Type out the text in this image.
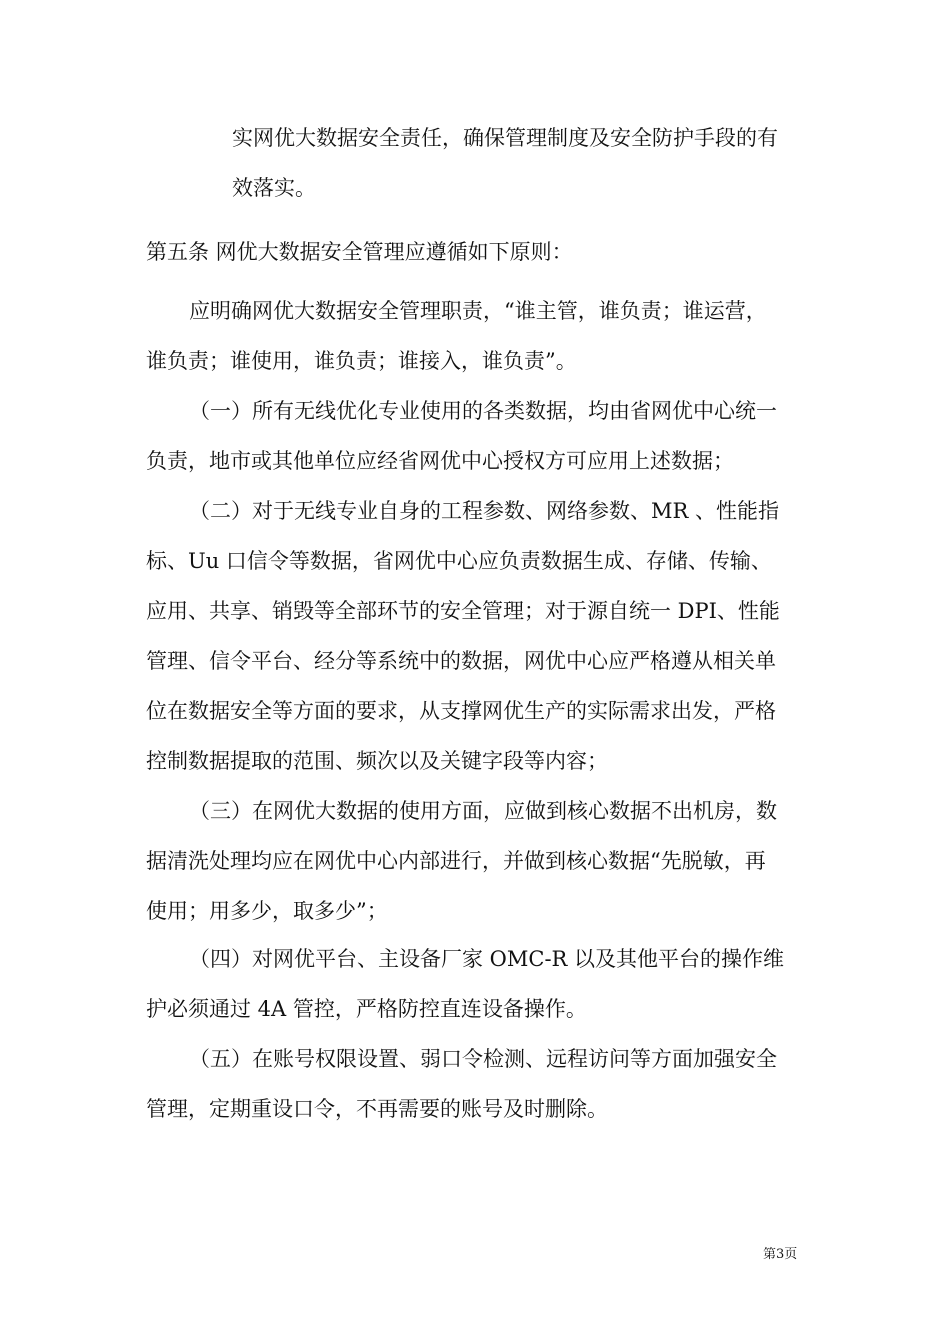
实网优大数据安全责任，确保管理制度及安全防护手段的有
效落实。
第五条 网优大数据安全管理应遵循如下原则：
应明确网优大数据安全管理职责，“谁主管，谁负责；谁运营，
谁负责；谁使用，谁负责；谁接入，谁负责”。
（一）所有无线优化专业使用的各类数据，均由省网优中心统一
负责，地市或其他单位应经省网优中心授权方可应用上述数据；
（二）对于无线专业自身的工程参数、网络参数、MR 、性能指
标、Uu 口信令等数据，省网优中心应负责数据生成、存储、传输、
应用、共享、销毁等全部环节的安全管理；对于源自统一 DPI、性能
管理、信令平台、经分等系统中的数据，网优中心应严格遵从相关单
位在数据安全等方面的要求，从支撑网优生产的实际需求出发，严格
控制数据提取的范围、频次以及关键字段等内容；
（三）在网优大数据的使用方面，应做到核心数据不出机房，数
据清洗处理均应在网优中心内部进行，并做到核心数据“先脱敏，再
使用；用多少，取多少”；
（四）对网优平台、主设备厂家 OMC-R 以及其他平台的操作维
护必须通过 4A 管控，严格防控直连设备操作。
（五）在账号权限设置、弱口令检测、远程访问等方面加强安全
管理，定期重设口令，不再需要的账号及时删除。
第3页
